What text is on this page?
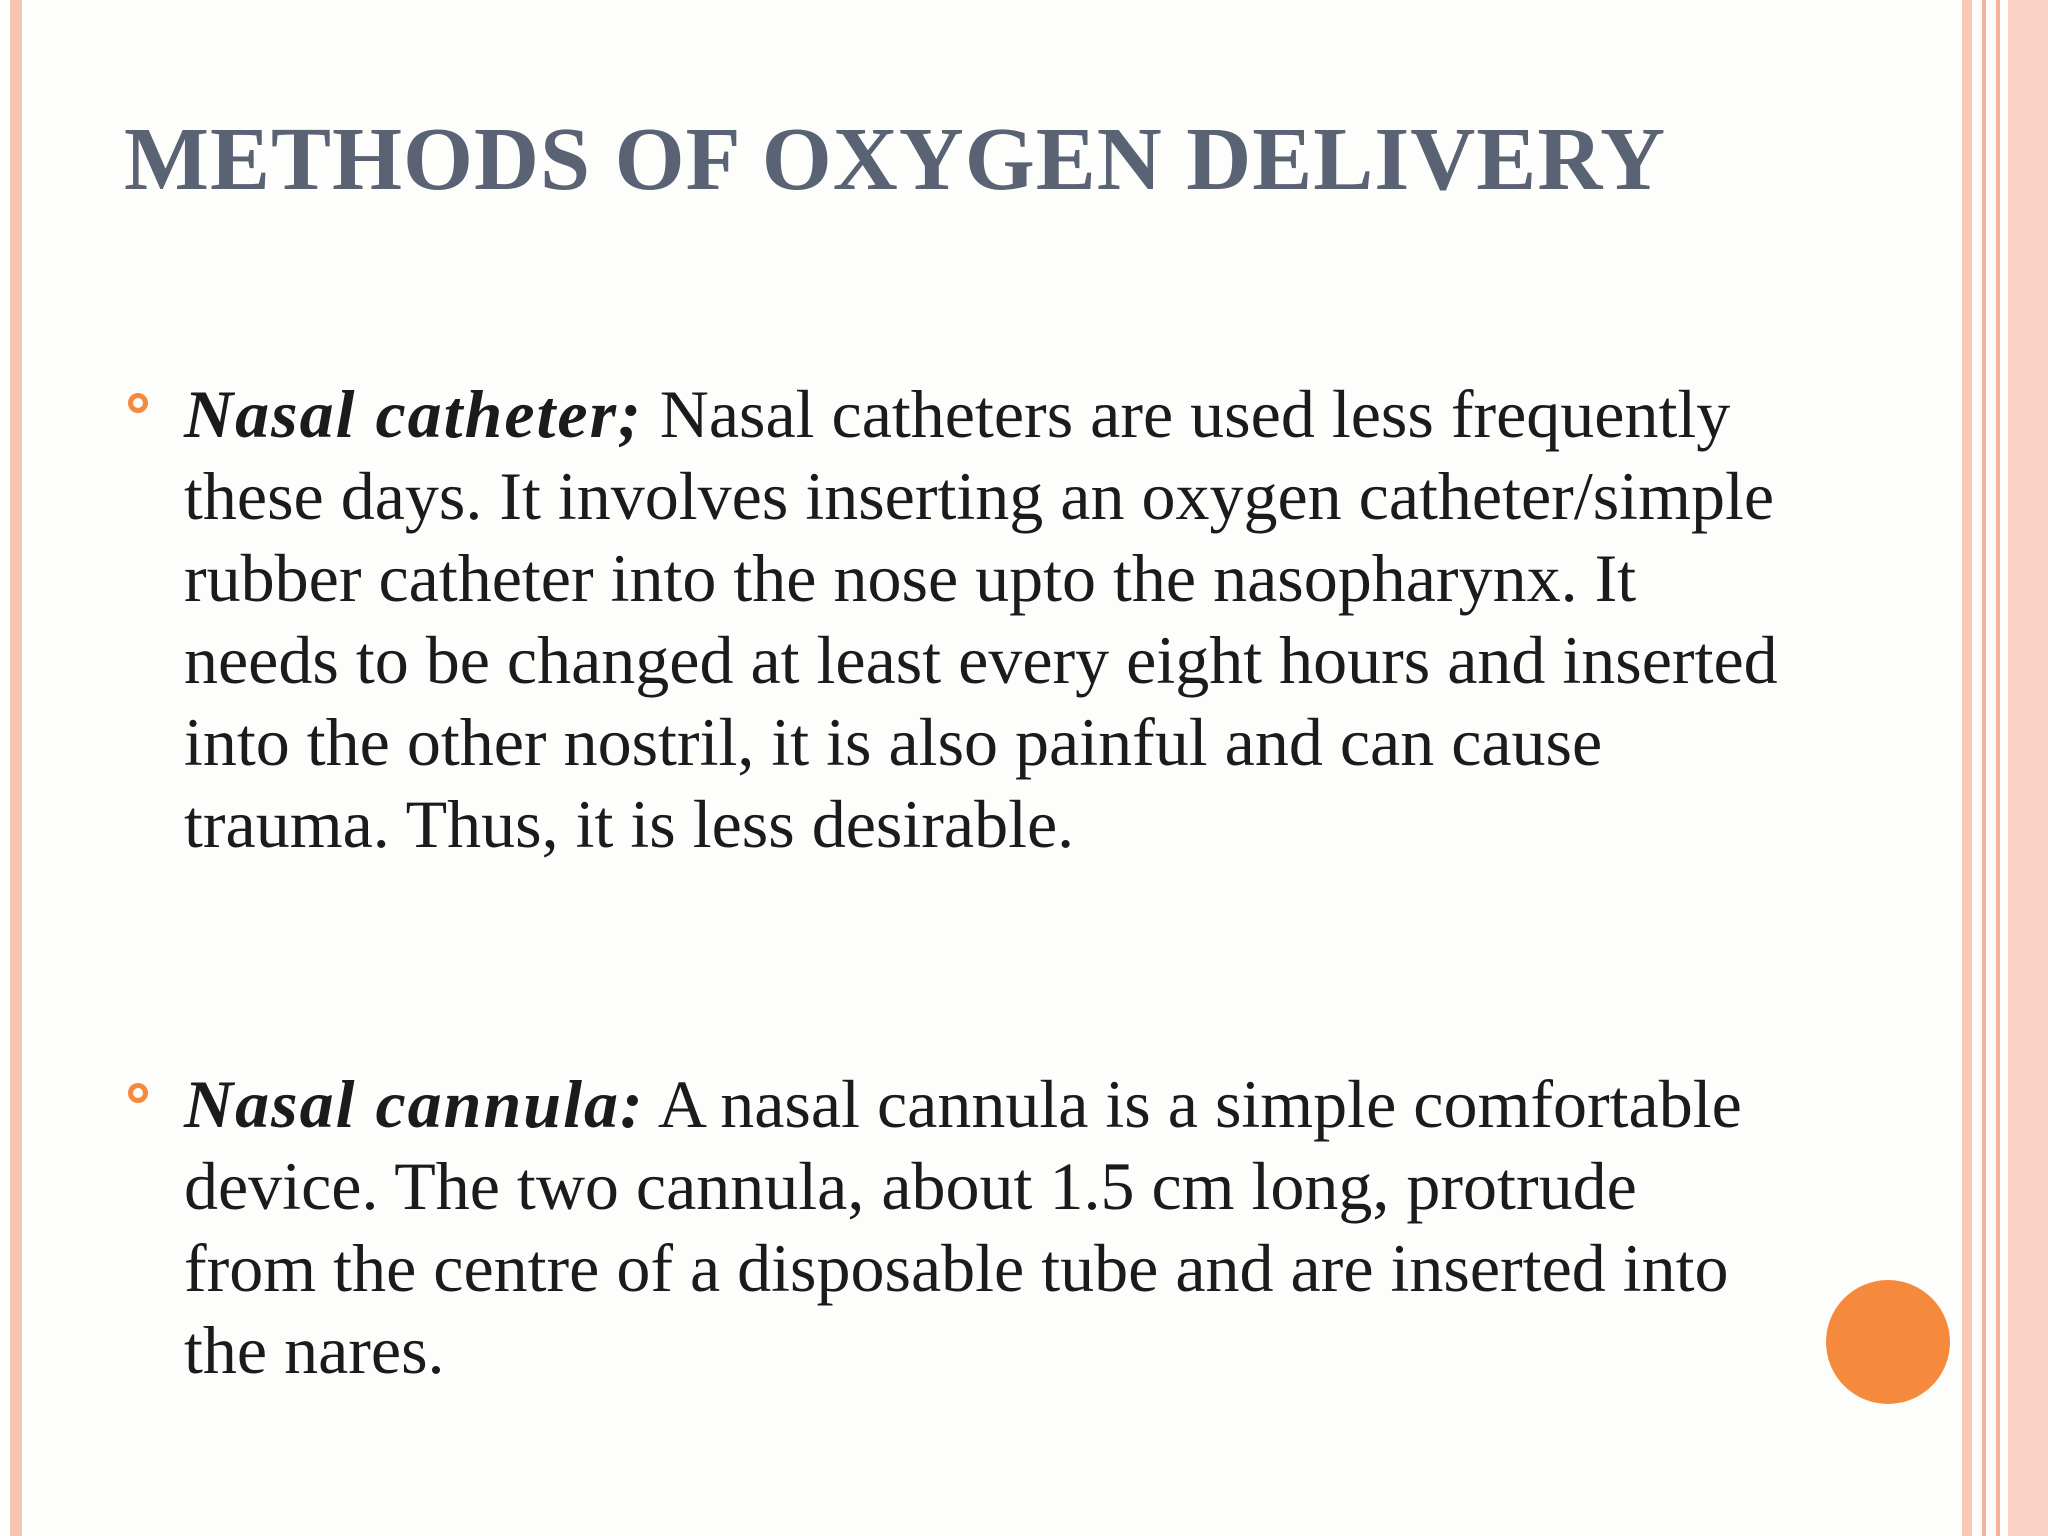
METHODS OF OXYGEN DELIVERY
Nasal catheter; Nasal catheters are used less frequently these days. It involves inserting an oxygen catheter/simple rubber catheter into the nose upto the nasopharynx. It needs to be changed at least every eight hours and inserted into the other nostril, it is also painful and can cause trauma. Thus, it is less desirable.
Nasal cannula: A nasal cannula is a simple comfortable device. The two cannula, about 1.5 cm long, protrude from the centre of a disposable tube and are inserted into the nares.
